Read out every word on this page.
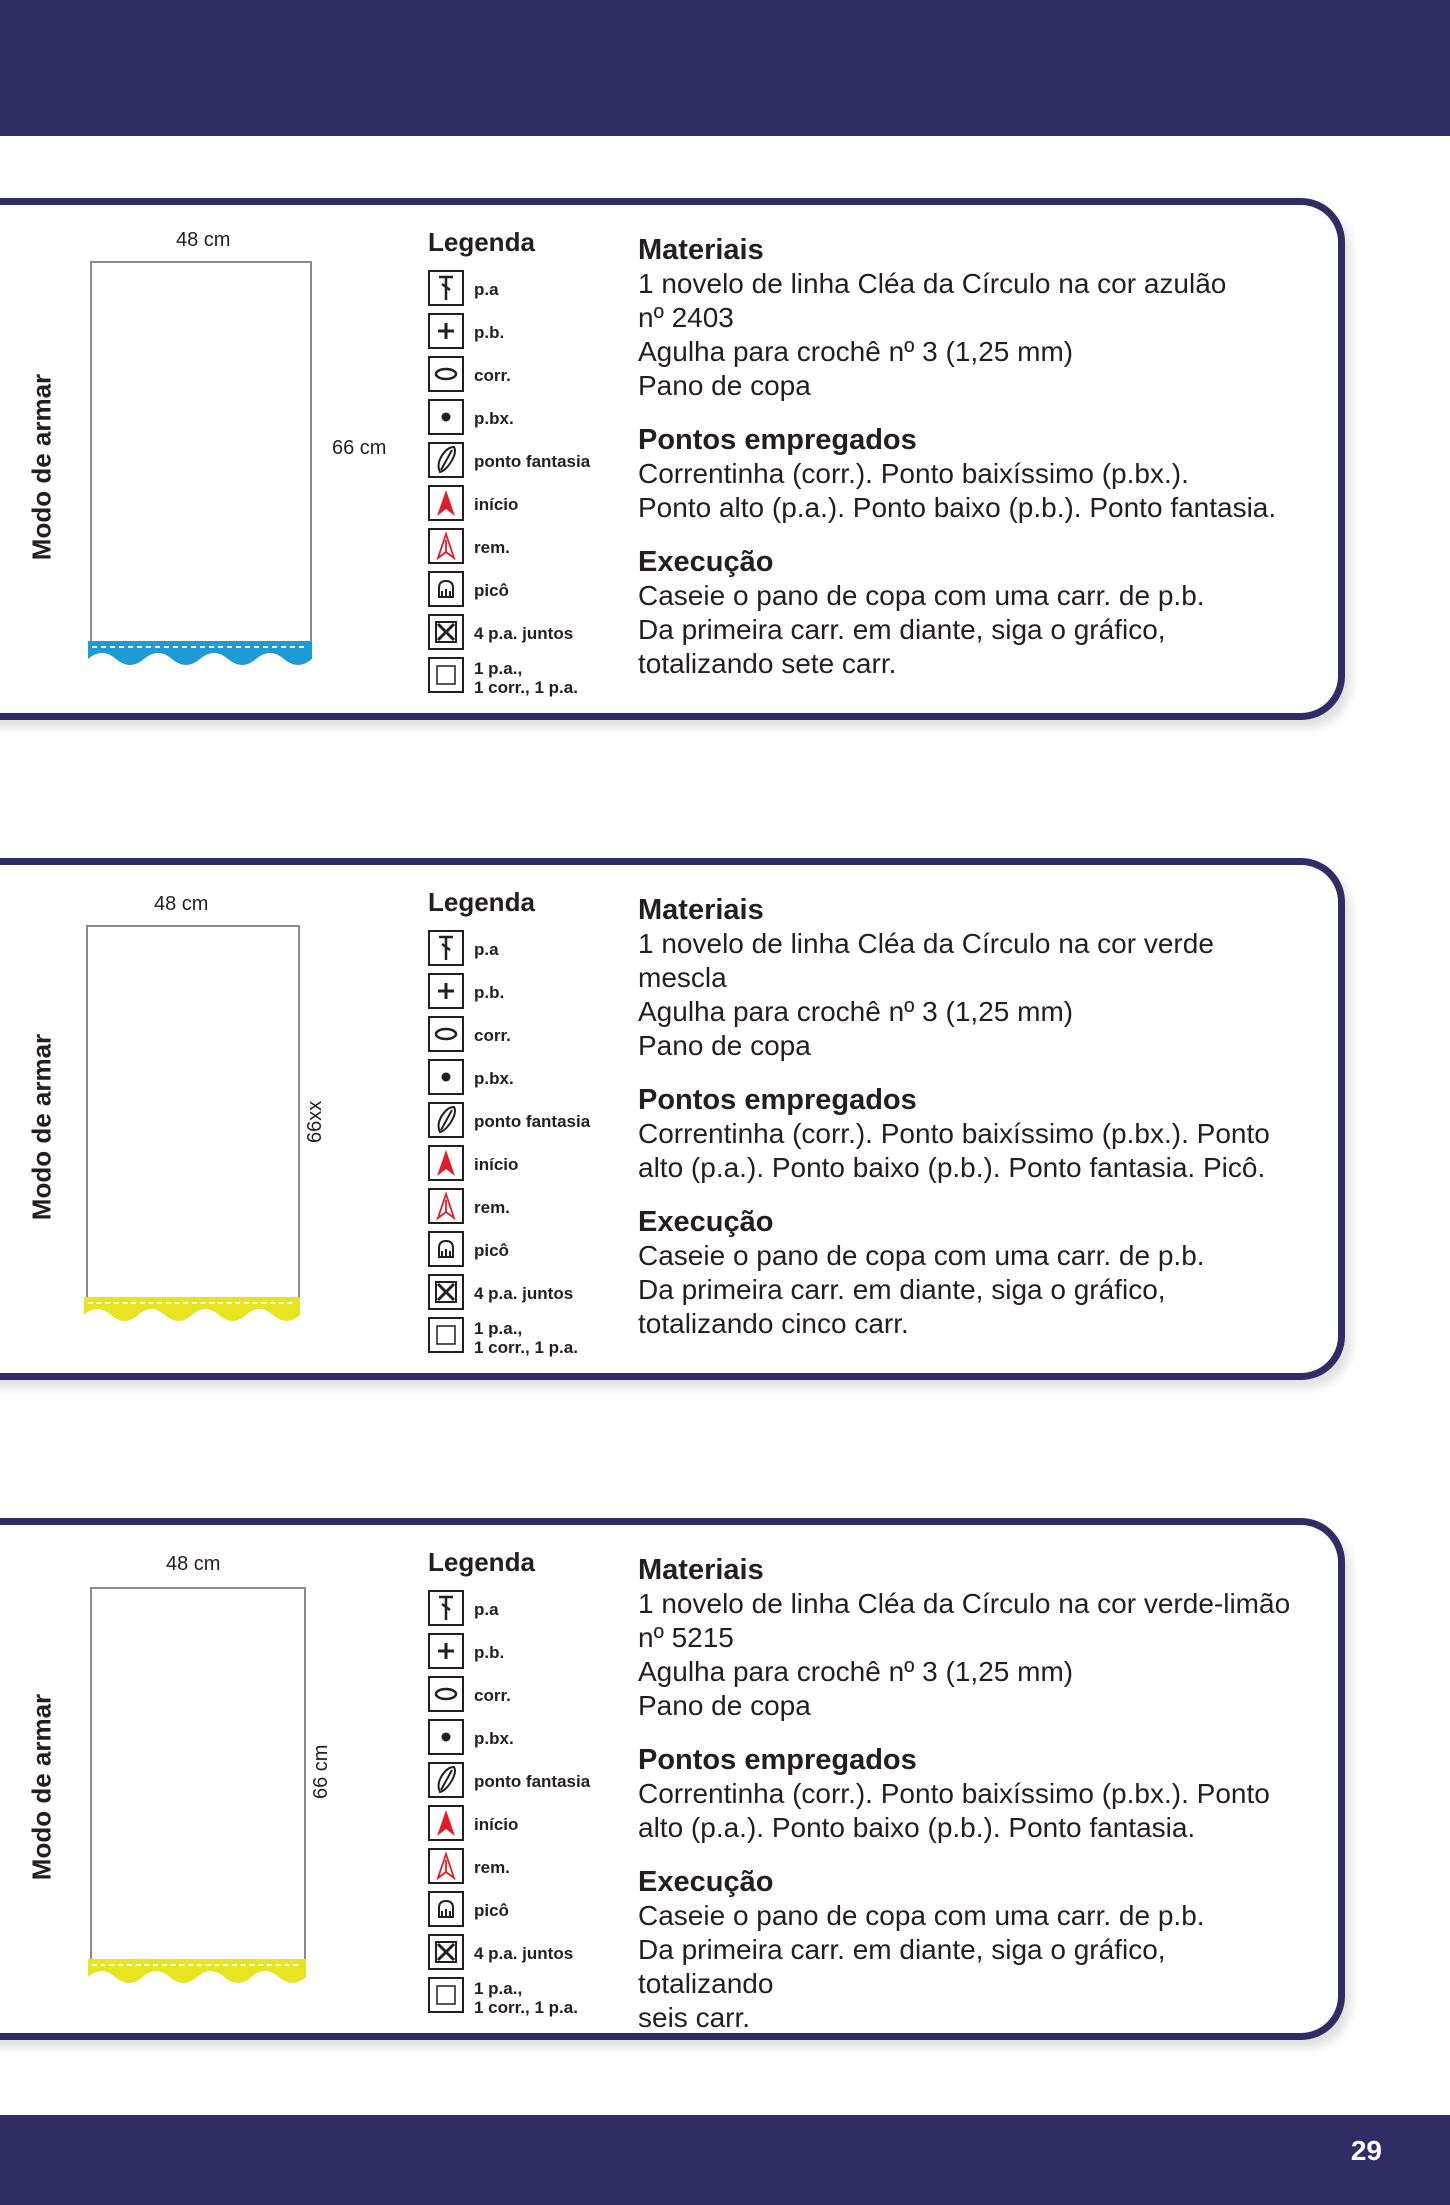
Modo de armar
48 cm
66 cm
Legenda
p.a
p.b.
corr.
p.bx.
ponto fantasia
início
rem.
picô
4 p.a. juntos
1 p.a.,
1 corr., 1 p.a.
Materiais

1 novelo de linha Cléa da Círculo na cor azulão
nº 2403
Agulha para crochê nº 3 (1,25 mm)
Pano de copa

Pontos empregados

Correntinha (corr.). Ponto baixíssimo (p.bx.).
Ponto alto (p.a.). Ponto baixo (p.b.). Ponto fantasia.

Execução

Caseie o pano de copa com uma carr. de p.b.
Da primeira carr. em diante, siga o gráfico,
totalizando sete carr.

Modo de armar
48 cm
66xx
Legenda
p.a
p.b.
corr.
p.bx.
ponto fantasia
início
rem.
picô
4 p.a. juntos
1 p.a.,
1 corr., 1 p.a.
Materiais

1 novelo de linha Cléa da Círculo na cor verde
mescla
Agulha para crochê nº 3 (1,25 mm)
Pano de copa

Pontos empregados

Correntinha (corr.). Ponto baixíssimo (p.bx.). Ponto
alto (p.a.). Ponto baixo (p.b.). Ponto fantasia. Picô.

Execução

Caseie o pano de copa com uma carr. de p.b.
Da primeira carr. em diante, siga o gráfico,
totalizando cinco carr.

Modo de armar
48 cm
66 cm
Legenda
p.a
p.b.
corr.
p.bx.
ponto fantasia
início
rem.
picô
4 p.a. juntos
1 p.a.,
1 corr., 1 p.a.
Materiais

1 novelo de linha Cléa da Círculo na cor verde-limão
nº 5215
Agulha para crochê nº 3 (1,25 mm)
Pano de copa

Pontos empregados

Correntinha (corr.). Ponto baixíssimo (p.bx.). Ponto
alto (p.a.). Ponto baixo (p.b.). Ponto fantasia.

Execução

Caseie o pano de copa com uma carr. de p.b.
Da primeira carr. em diante, siga o gráfico, totalizando
seis carr.

29
